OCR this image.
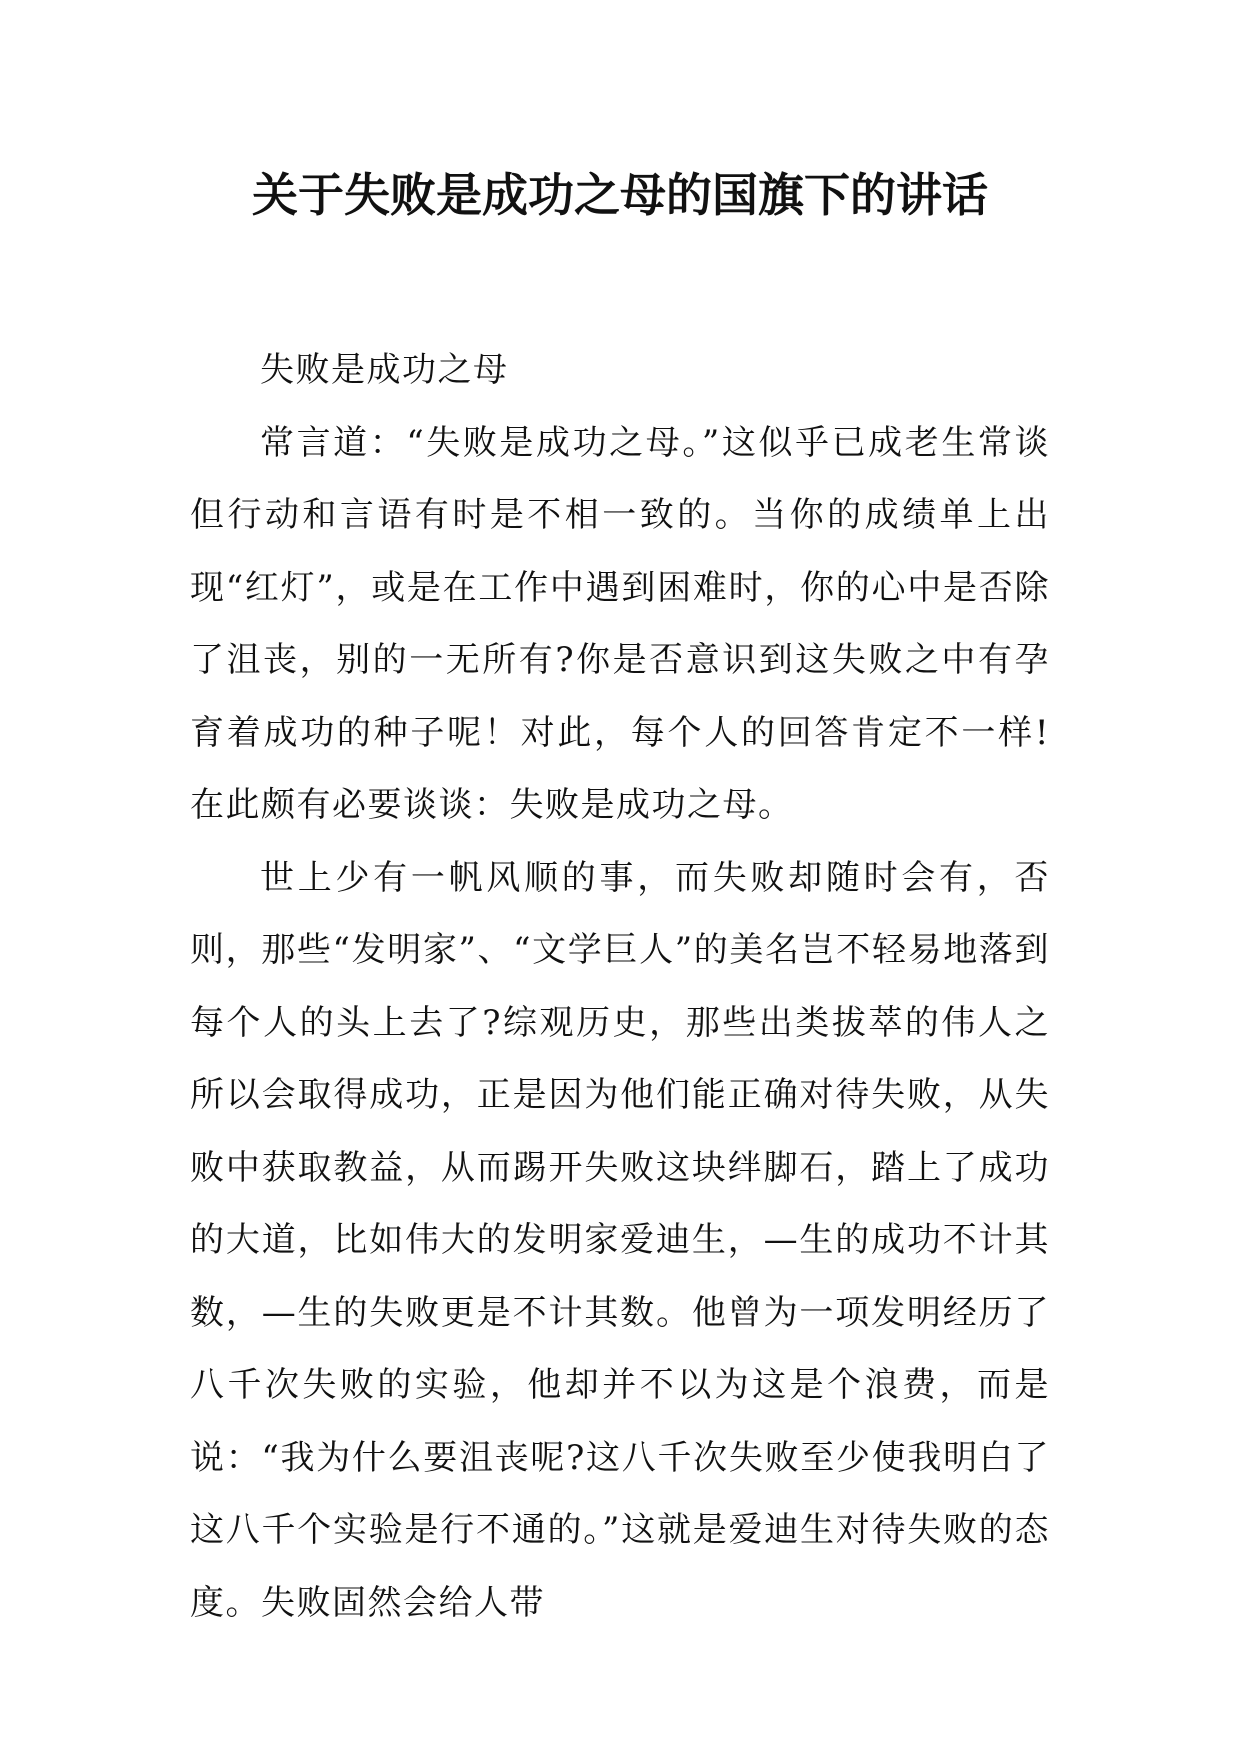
关于失败是成功之母的国旗下的讲话

失败是成功之母

常言道：“失败是成功之母。”这似乎已成老生常谈但行动和言语有时是不相一致的。当你的成绩单上出现“红灯”，或是在工作中遇到困难时，你的心中是否除了沮丧，别的一无所有?你是否意识到这失败之中有孕育着成功的种子呢！对此，每个人的回答肯定不一样!在此颇有必要谈谈：失败是成功之母。

世上少有一帆风顺的事，而失败却随时会有，否则，那些“发明家”、“文学巨人”的美名岂不轻易地落到每个人的头上去了?综观历史，那些出类拔萃的伟人之所以会取得成功，正是因为他们能正确对待失败，从失败中获取教益，从而踢开失败这块绊脚石，踏上了成功的大道，比如伟大的发明家爱迪生，—生的成功不计其数，—生的失败更是不计其数。他曾为一项发明经历了八千次失败的实验，他却并不以为这是个浪费，而是说：“我为什么要沮丧呢?这八千次失败至少使我明白了这八千个实验是行不通的。”这就是爱迪生对待失败的态度。失败固然会给人带
